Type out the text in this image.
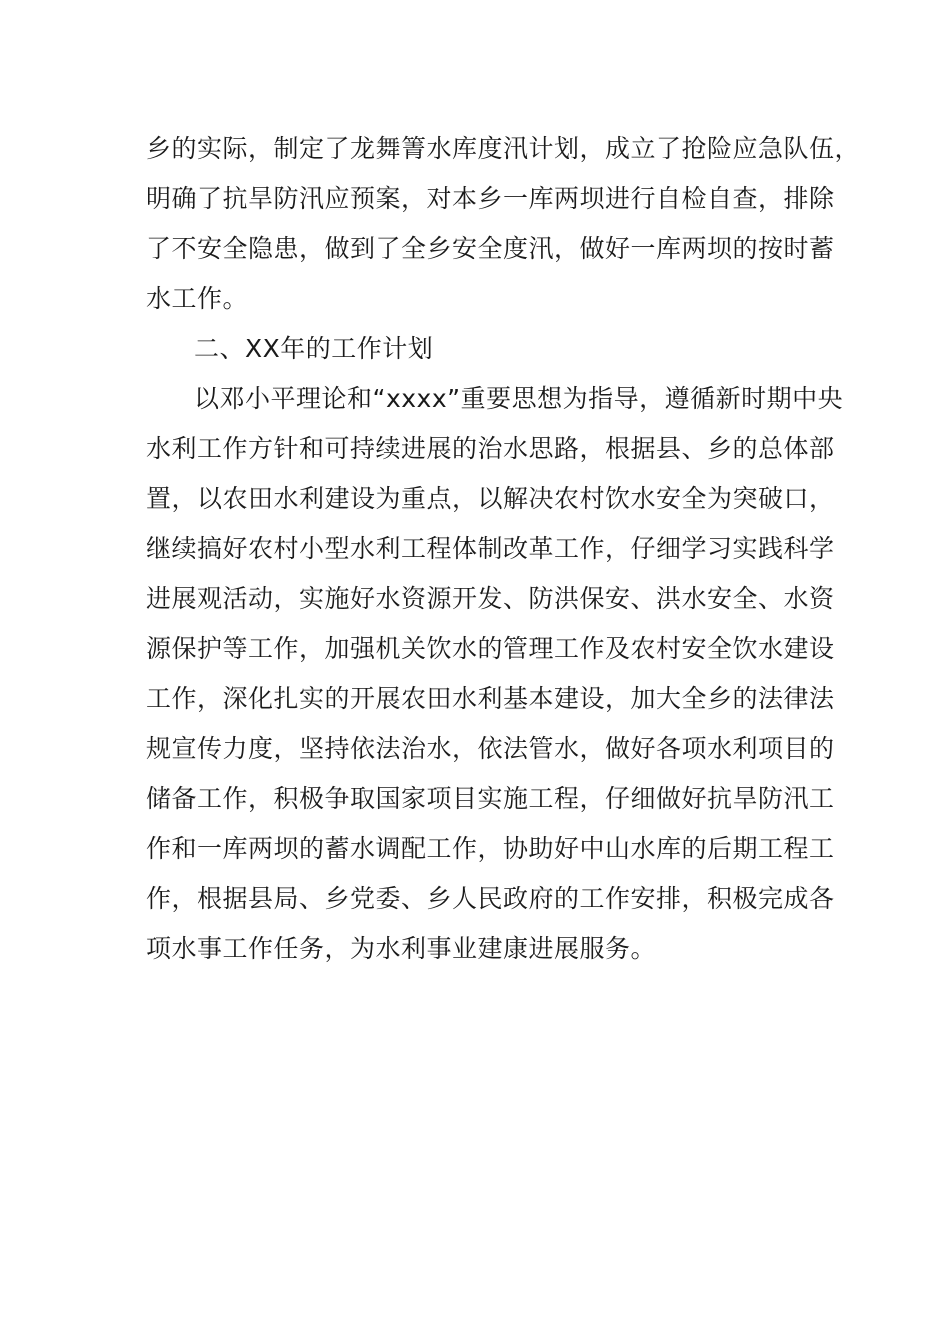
乡的实际，制定了龙舞箐水库度汛计划，成立了抢险应急队伍，
明确了抗旱防汛应预案，对本乡一库两坝进行自检自查，排除
了不安全隐患，做到了全乡安全度汛，做好一库两坝的按时蓄
水工作。
二、XX年的工作计划
以邓小平理论和“xxxx”重要思想为指导，遵循新时期中央
水利工作方针和可持续进展的治水思路，根据县、乡的总体部
置，以农田水利建设为重点，以解决农村饮水安全为突破口，
继续搞好农村小型水利工程体制改革工作，仔细学习实践科学
进展观活动，实施好水资源开发、防洪保安、洪水安全、水资
源保护等工作，加强机关饮水的管理工作及农村安全饮水建设
工作，深化扎实的开展农田水利基本建设，加大全乡的法律法
规宣传力度，坚持依法治水，依法管水，做好各项水利项目的
储备工作，积极争取国家项目实施工程，仔细做好抗旱防汛工
作和一库两坝的蓄水调配工作，协助好中山水库的后期工程工
作，根据县局、乡党委、乡人民政府的工作安排，积极完成各
项水事工作任务，为水利事业建康进展服务。
